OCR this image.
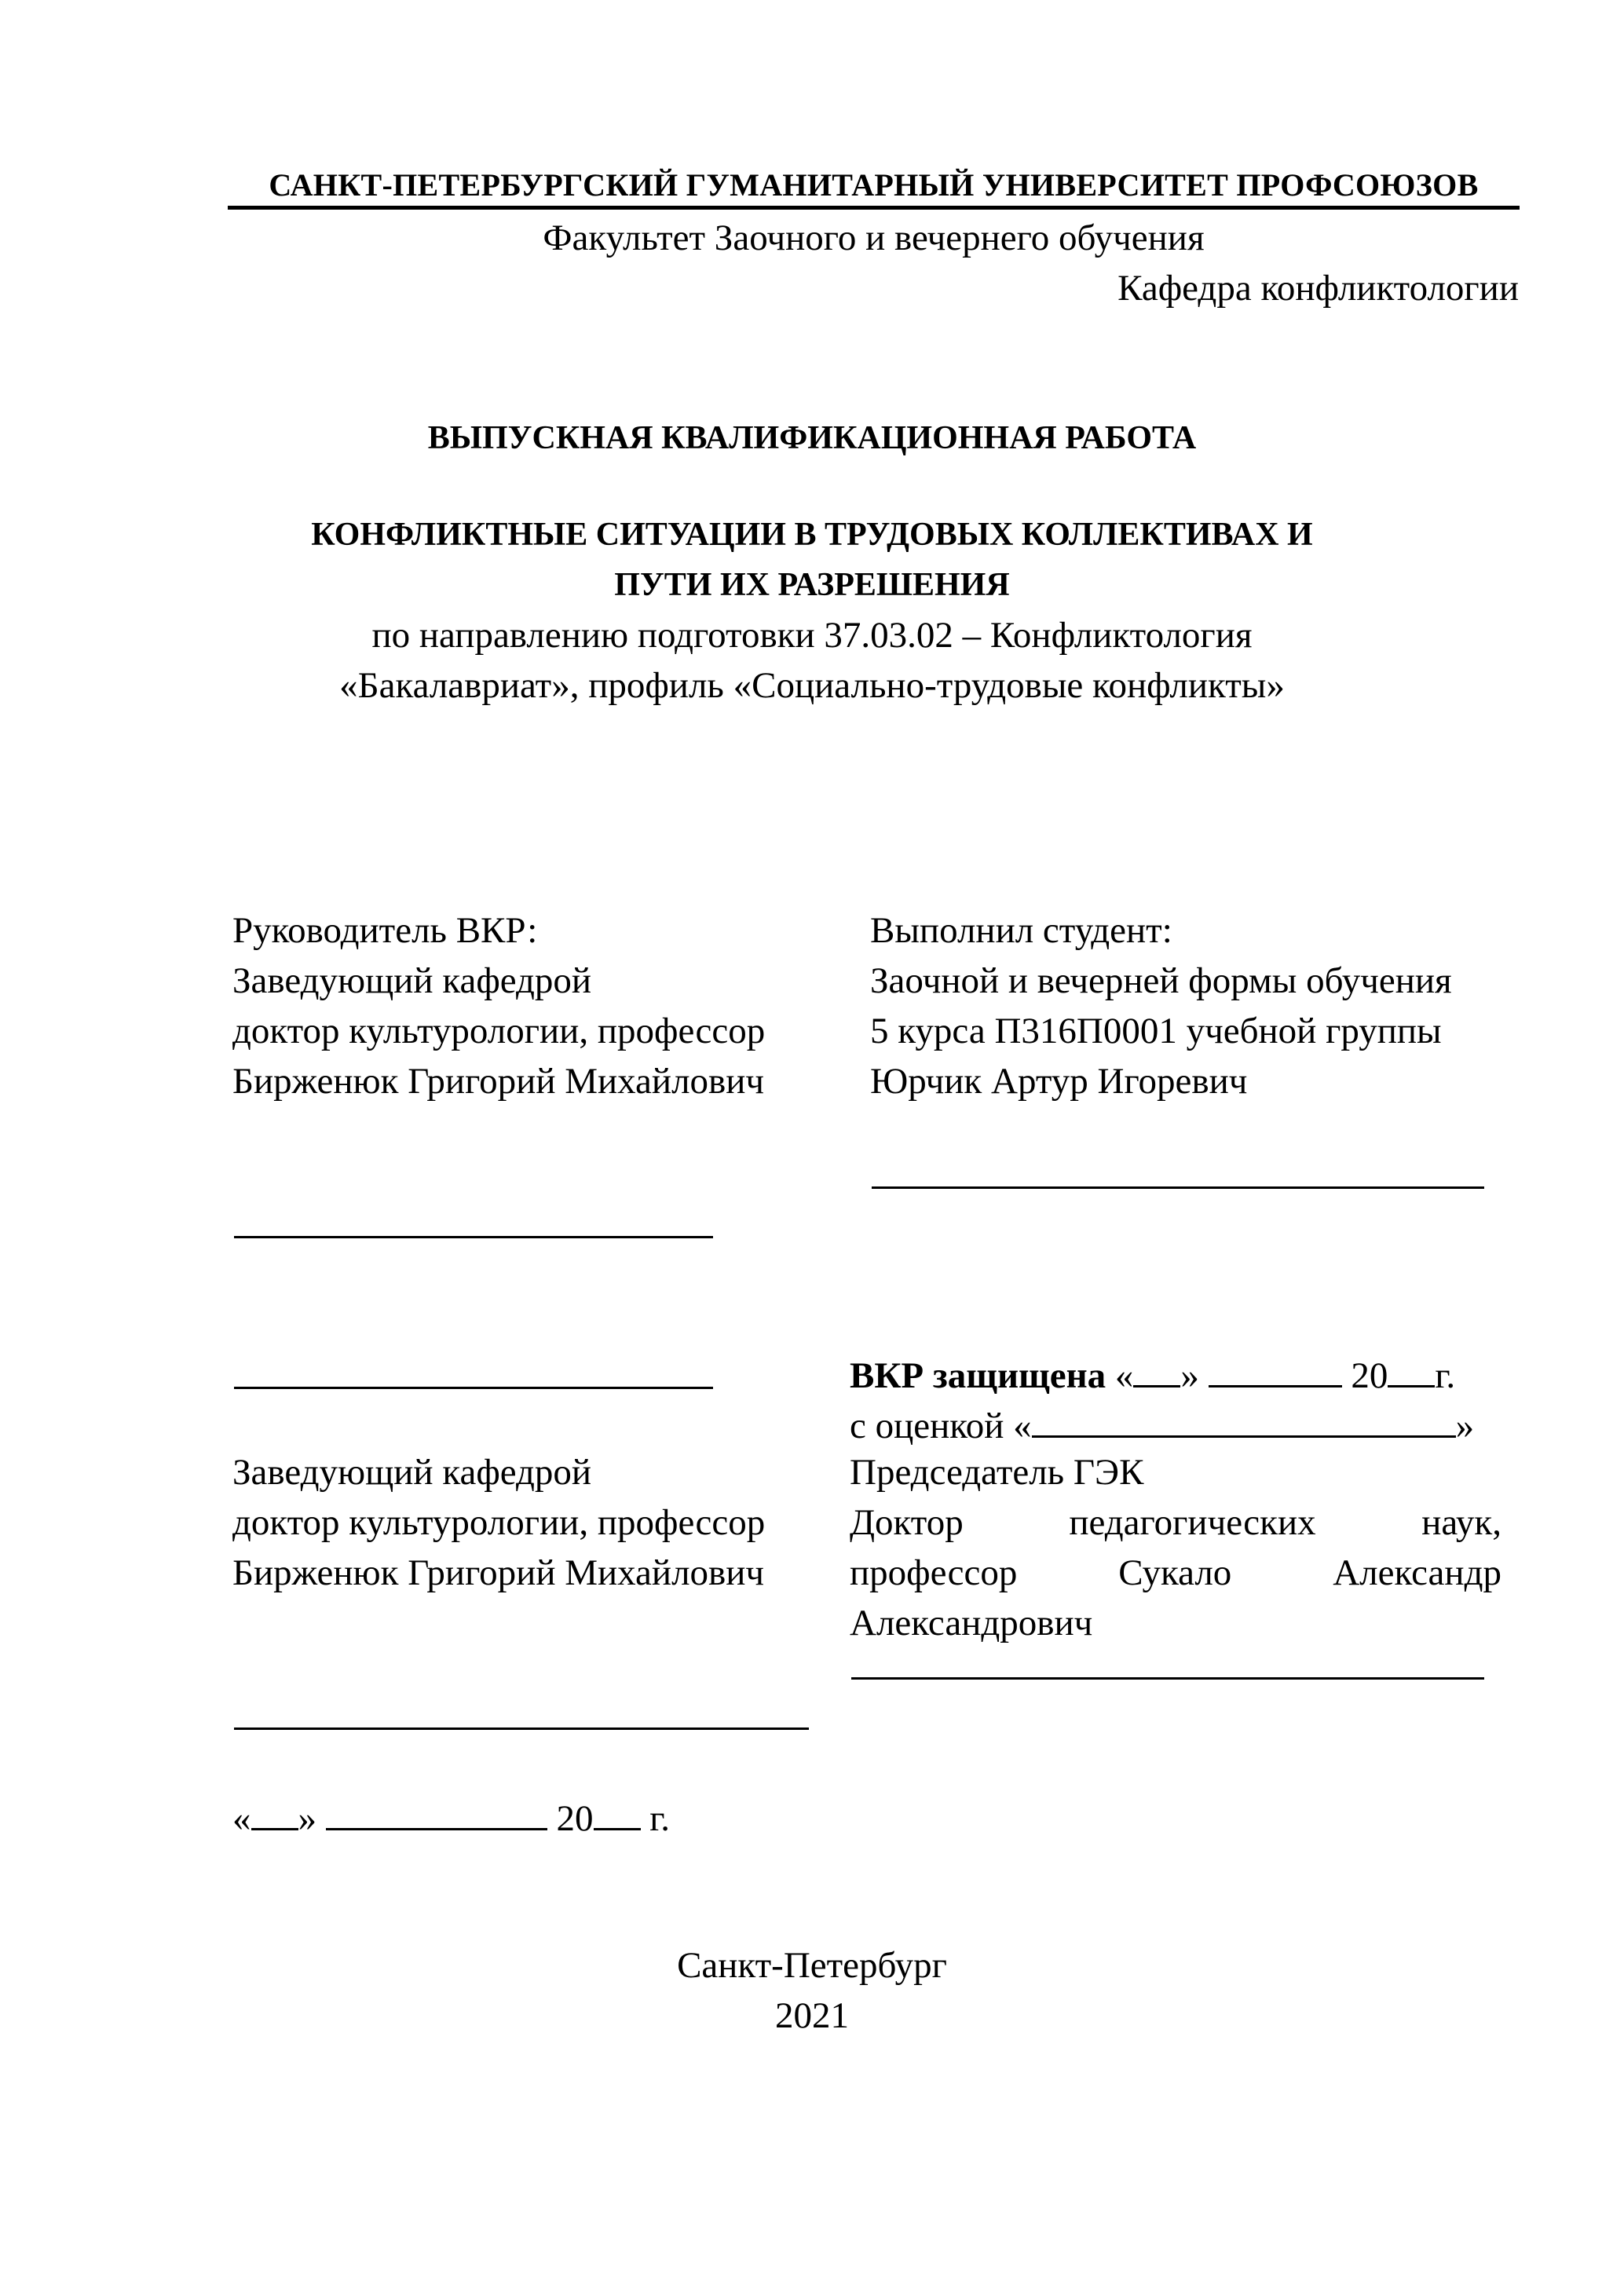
САНКТ-ПЕТЕРБУРГСКИЙ ГУМАНИТАРНЫЙ УНИВЕРСИТЕТ ПРОФСОЮЗОВ
Факультет Заочного и вечернего обучения
Кафедра конфликтологии
ВЫПУСКНАЯ КВАЛИФИКАЦИОННАЯ РАБОТА
КОНФЛИКТНЫЕ СИТУАЦИИ В ТРУДОВЫХ КОЛЛЕКТИВАХ И
ПУТИ ИХ РАЗРЕШЕНИЯ
по направлению подготовки 37.03.02 – Конфликтология
«Бакалавриат», профиль «Социально-трудовые конфликты»
Руководитель ВКР:
Заведующий кафедрой
доктор культурологии, профессор
Бирженюк Григорий Михайлович
Выполнил студент:
Заочной и вечерней формы обучения
5 курса П316П0001 учебной группы
Юрчик Артур Игоревич
ВКР защищена « »	20 г.
с оценкой «	»
Заведующий кафедрой
доктор культурологии, профессор
Бирженюк Григорий Михайлович
Председатель ГЭК
Доктор	педагогических	наук,
профессор	Сукало	Александр
Александрович
« »	20 г.
Санкт-Петербург
2021
